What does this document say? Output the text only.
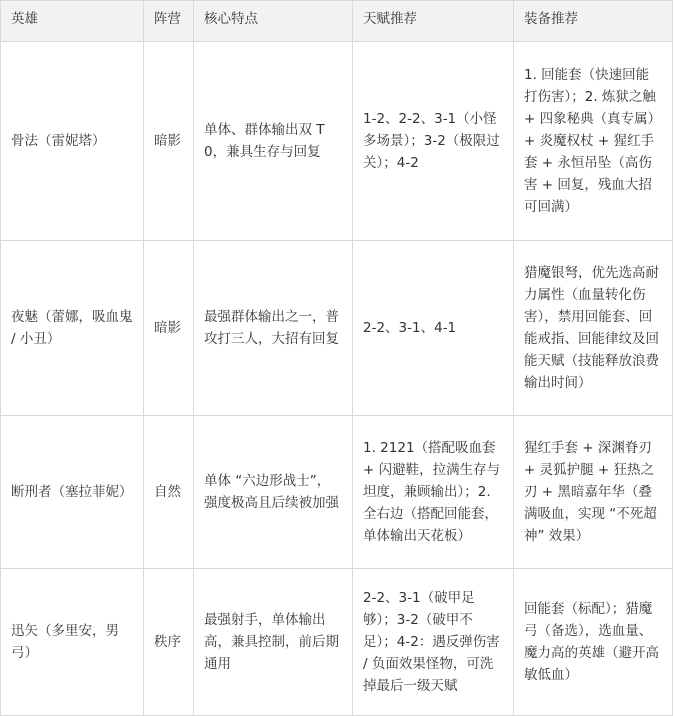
英雄	阵营	核心特点	天赋推荐	装备推荐
骨法（雷妮塔）	暗影	单体、群体输出双 T0，兼具生存与回复	1-2、2-2、3-1（小怪多场景）；3-2（极限过关）；4-2	1. 回能套（快速回能打伤害）；2. 炼狱之触 + 四象秘典（真专属）+ 炎魔权杖 + 猩红手套 + 永恒吊坠（高伤害 + 回复，残血大招可回满）
夜魅（蕾娜，吸血鬼 / 小丑）	暗影	最强群体输出之一，普攻打三人，大招有回复	2-2、3-1、4-1	猎魔银弩，优先选高耐力属性（血量转化伤害），禁用回能套、回能戒指、回能律纹及回能天赋（技能释放浪费输出时间）
断刑者（塞拉菲妮）	自然	单体 “六边形战士”，强度极高且后续被加强	1. 2121（搭配吸血套 + 闪避鞋，拉满生存与坦度，兼顾输出）；2. 全右边（搭配回能套，单体输出天花板）	猩红手套 + 深渊脊刃 + 灵狐护腿 + 狂热之刃 + 黑暗嘉年华（叠满吸血，实现 “不死超神” 效果）
迅矢（多里安，男弓）	秩序	最强射手，单体输出高，兼具控制，前后期通用	2-2、3-1（破甲足够）；3-2（破甲不足）；4-2：遇反弹伤害 / 负面效果怪物，可洗掉最后一级天赋	回能套（标配）；猎魔弓（备选），选血量、魔力高的英雄（避开高敏低血）
